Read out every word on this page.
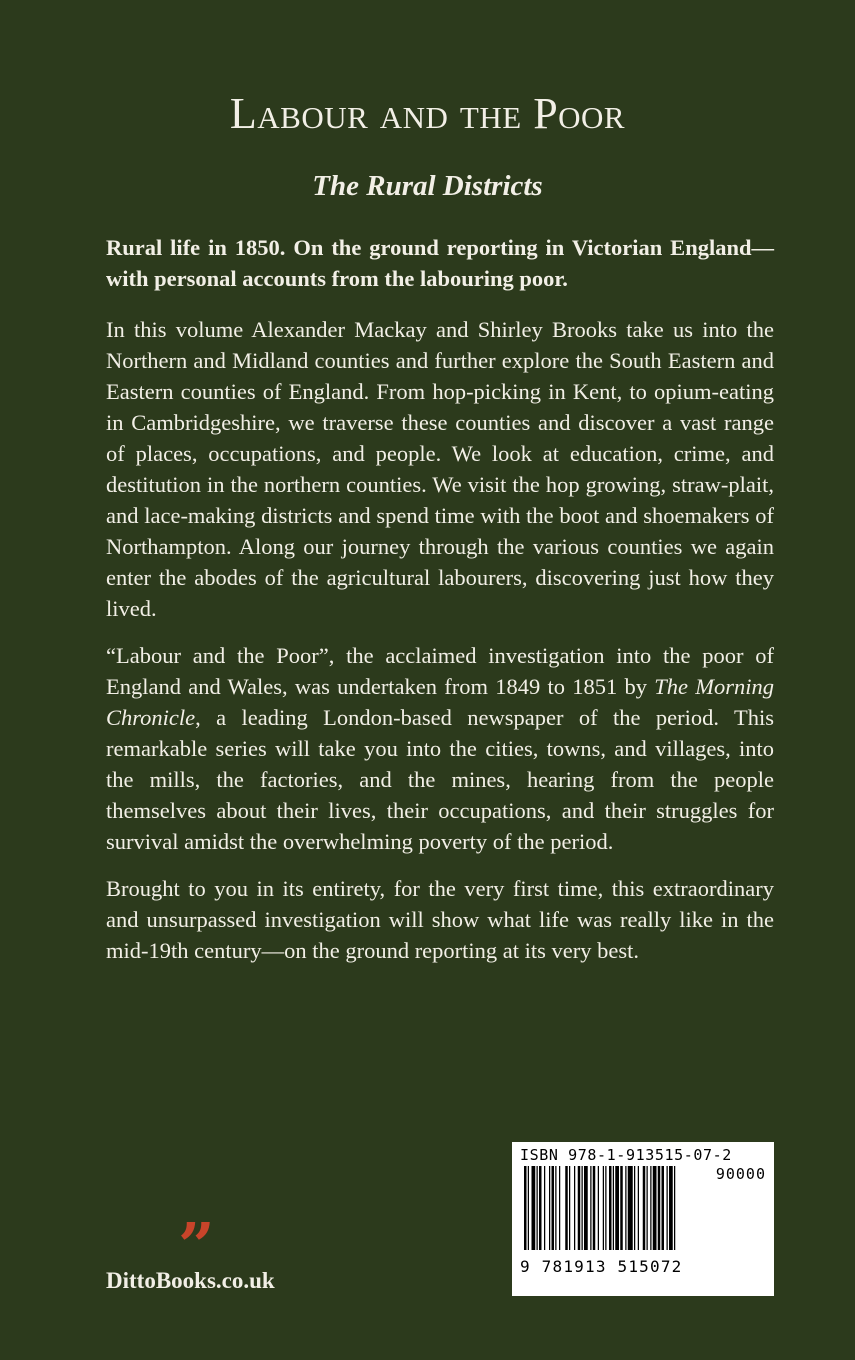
Labour and the Poor
The Rural Districts

Rural life in 1850. On the ground reporting in Victorian England—with personal accounts from the labouring poor.

In this volume Alexander Mackay and Shirley Brooks take us into the Northern and Midland counties and further explore the South Eastern and Eastern counties of England. From hop-picking in Kent, to opium-eating in Cambridgeshire, we traverse these counties and discover a vast range of places, occupations, and people. We look at education, crime, and destitution in the northern counties. We visit the hop growing, straw-plait, and lace-making districts and spend time with the boot and shoemakers of Northampton. Along our journey through the various counties we again enter the abodes of the agricultural labourers, discovering just how they lived.

“Labour and the Poor”, the acclaimed investigation into the poor of England and Wales, was undertaken from 1849 to 1851 by The Morning Chronicle, a leading London-based newspaper of the period. This remarkable series will take you into the cities, towns, and villages, into the mills, the factories, and the mines, hearing from the people themselves about their lives, their occupations, and their struggles for survival amidst the overwhelming poverty of the period.

Brought to you in its entirety, for the very first time, this extraordinary and unsurpassed investigation will show what life was really like in the mid-19th century—on the ground reporting at its very best.

ISBN 978-1-913515-07-2
90000
9 781913 515072
”
DittoBooks.co.uk
